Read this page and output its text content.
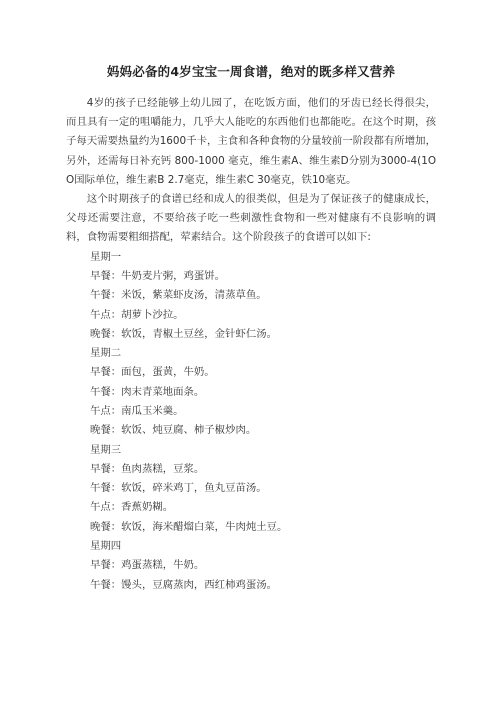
妈妈必备的4岁宝宝一周食谱，绝对的既多样又营养

4岁的孩子已经能够上幼儿园了，在吃饭方面，他们的牙齿已经长得很尖，而且具有一定的咀嚼能力，几乎大人能吃的东西他们也都能吃。在这个时期，孩子每天需要热量约为1600千卡，主食和各种食物的分量较前一阶段都有所增加，另外，还需每日补充钙 800-1000 毫克，维生素A、维生素D分别为3000-4(1OO国际单位，维生素B 2.7毫克，维生素C 30毫克，铁10毫克。

这个时期孩子的食谱已经和成人的很类似，但是为了保证孩子的健康成长，父母还需要注意，不要给孩子吃一些刺激性食物和一些对健康有不良影响的调料，食物需要粗细搭配，荤素结合。这个阶段孩子的食谱可以如下:

星期一
早餐：牛奶麦片粥，鸡蛋饼。
午餐：米饭，紫菜虾皮汤，清蒸草鱼。
午点：胡萝卜沙拉。
晚餐：软饭，青椒土豆丝，金针虾仁汤。
星期二
早餐：面包，蛋黄，牛奶。
午餐：肉末青菜地面条。
午点：南瓜玉米羹。
晚餐：软饭、炖豆腐、柿子椒炒肉。
星期三
早餐：鱼肉蒸糕，豆浆。
午餐：软饭，碎米鸡丁，鱼丸豆苗汤。
午点：香蕉奶糊。
晚餐：软饭，海米醋熘白菜，牛肉炖土豆。
星期四
早餐：鸡蛋蒸糕，牛奶。
午餐：馒头，豆腐蒸肉，西红柿鸡蛋汤。
